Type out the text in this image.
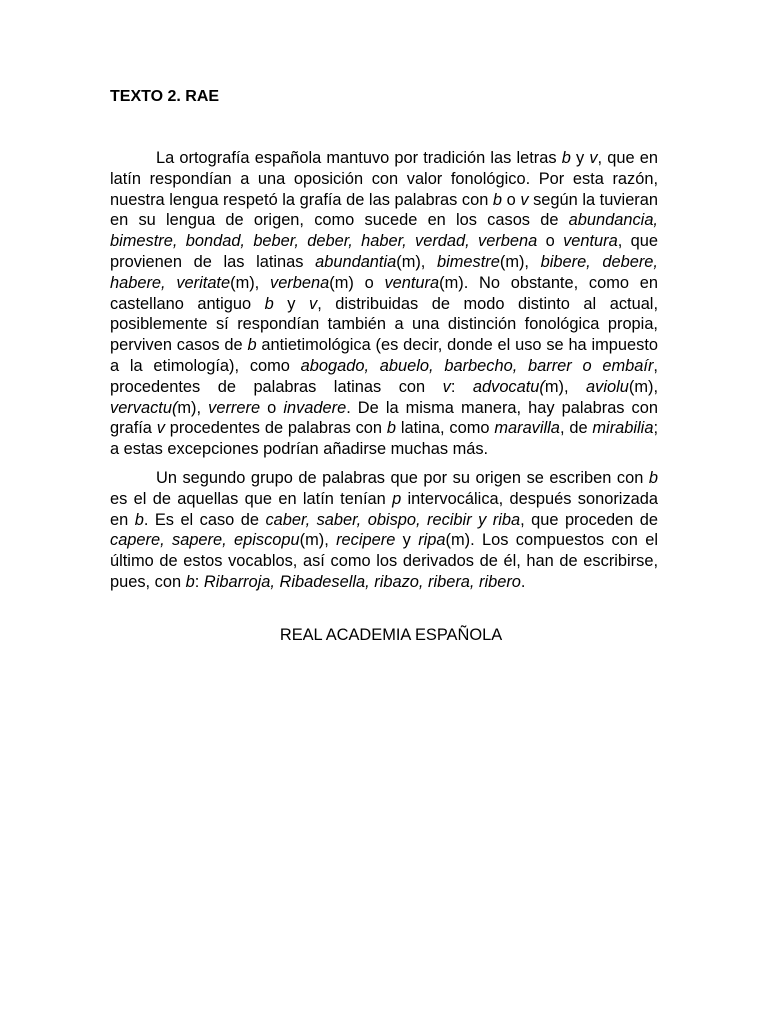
TEXTO 2. RAE

La ortografía española mantuvo por tradición las letras b y v, que en latín respondían a una oposición con valor fonológico. Por esta razón, nuestra lengua respetó la grafía de las palabras con b o v según la tuvieran en su lengua de origen, como sucede en los casos de abundancia, bimestre, bondad, beber, deber, haber, verdad, verbena o ventura, que provienen de las latinas abundantia(m), bimestre(m), bibere, debere, habere, veritate(m), verbena(m) o ventura(m). No obstante, como en castellano antiguo b y v, distribuidas de modo distinto al actual, posiblemente sí respondían también a una distinción fonológica propia, perviven casos de b antietimológica (es decir, donde el uso se ha impuesto a la etimología), como abogado, abuelo, barbecho, barrer o embaír, procedentes de palabras latinas con v: advocatu(m), aviolu(m), vervactu(m), verrere o invadere. De la misma manera, hay palabras con grafía v procedentes de palabras con b latina, como maravilla, de mirabilia; a estas excepciones podrían añadirse muchas más.

Un segundo grupo de palabras que por su origen se escriben con b es el de aquellas que en latín tenían p intervocálica, después sonorizada en b. Es el caso de caber, saber, obispo, recibir y riba, que proceden de capere, sapere, episcopu(m), recipere y ripa(m). Los compuestos con el último de estos vocablos, así como los derivados de él, han de escribirse, pues, con b: Ribarroja, Ribadesella, ribazo, ribera, ribero.

REAL ACADEMIA ESPAÑOLA
